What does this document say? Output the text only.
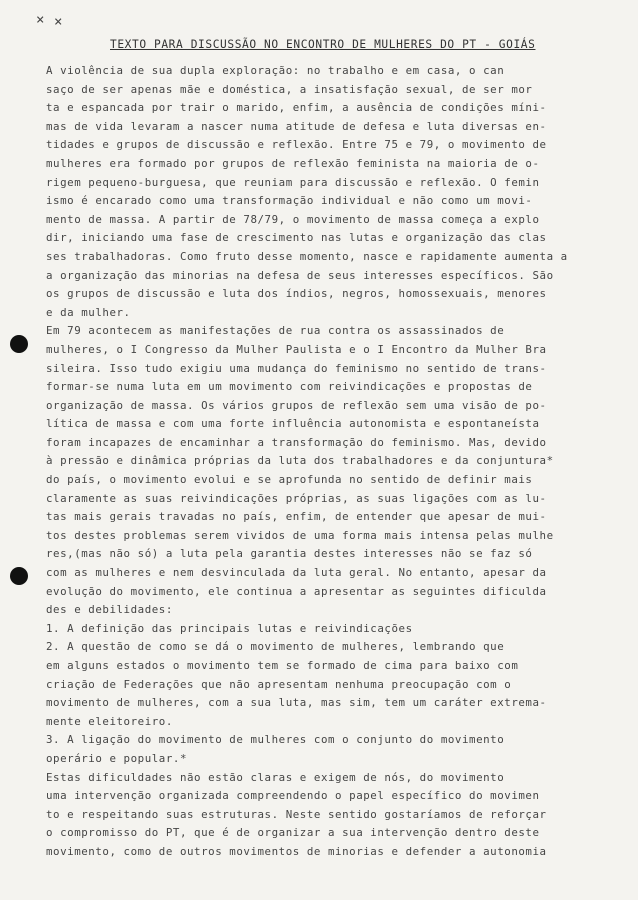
× ×
TEXTO PARA DISCUSSÃO NO ENCONTRO DE MULHERES DO PT - GOIÁS
A violência de sua dupla exploração: no trabalho e em casa, o can
saço de ser apenas mãe e doméstica, a insatisfação sexual, de ser mor
ta e espancada por trair o marido, enfim, a ausência de condições míni-
mas de vida levaram a nascer numa atitude de defesa e luta diversas en-
tidades e grupos de discussão e reflexão. Entre 75 e 79, o movimento de
mulheres era formado por grupos de reflexão feminista na maioria de o-
rigem pequeno-burguesa, que reuniam para discussão e reflexão. O femin
ismo é encarado como uma transformação individual e não como um movi-
mento de massa. A partir de 78/79, o movimento de massa começa a explo
dir, iniciando uma fase de crescimento nas lutas e organização das clas
ses trabalhadoras. Como fruto desse momento, nasce e rapidamente aumenta a
a organização das minorias na defesa de seus interesses específicos. São
os grupos de discussão e luta dos índios, negros, homossexuais, menores
e da mulher.
Em 79 acontecem as manifestações de rua contra os assassinados de
mulheres, o I Congresso da Mulher Paulista e o I Encontro da Mulher Bra
sileira. Isso tudo exigiu uma mudança do feminismo no sentido de trans-
formar-se numa luta em um movimento com reivindicações e propostas de
organização de massa. Os vários grupos de reflexão sem uma visão de po-
lítica de massa e com uma forte influência autonomista e espontaneísta
foram incapazes de encaminhar a transformação do feminismo. Mas, devido
à pressão e dinâmica próprias da luta dos trabalhadores e da conjuntura*
do país, o movimento evolui e se aprofunda no sentido de definir mais
claramente as suas reivindicações próprias, as suas ligações com as lu-
tas mais gerais travadas no país, enfim, de entender que apesar de mui-
tos destes problemas serem vividos de uma forma mais intensa pelas mulhe
res,(mas não só) a luta pela garantia destes interesses não se faz só
com as mulheres e nem desvinculada da luta geral. No entanto, apesar da
evolução do movimento, ele continua a apresentar as seguintes dificulda
des e debilidades:
1. A definição das principais lutas e reivindicações
2. A questão de como se dá o movimento de mulheres, lembrando que
em alguns estados o movimento tem se formado de cima para baixo com
criação de Federações que não apresentam nenhuma preocupação com o
movimento de mulheres, com a sua luta, mas sim, tem um caráter extrema-
mente eleitoreiro.
3. A ligação do movimento de mulheres com o conjunto do movimento
operário e popular.*
Estas dificuldades não estão claras e exigem de nós, do movimento
uma intervenção organizada compreendendo o papel específico do movimen
to e respeitando suas estruturas. Neste sentido gostaríamos de reforçar
o compromisso do PT, que é de organizar a sua intervenção dentro deste
movimento, como de outros movimentos de minorias e defender a autonomia
